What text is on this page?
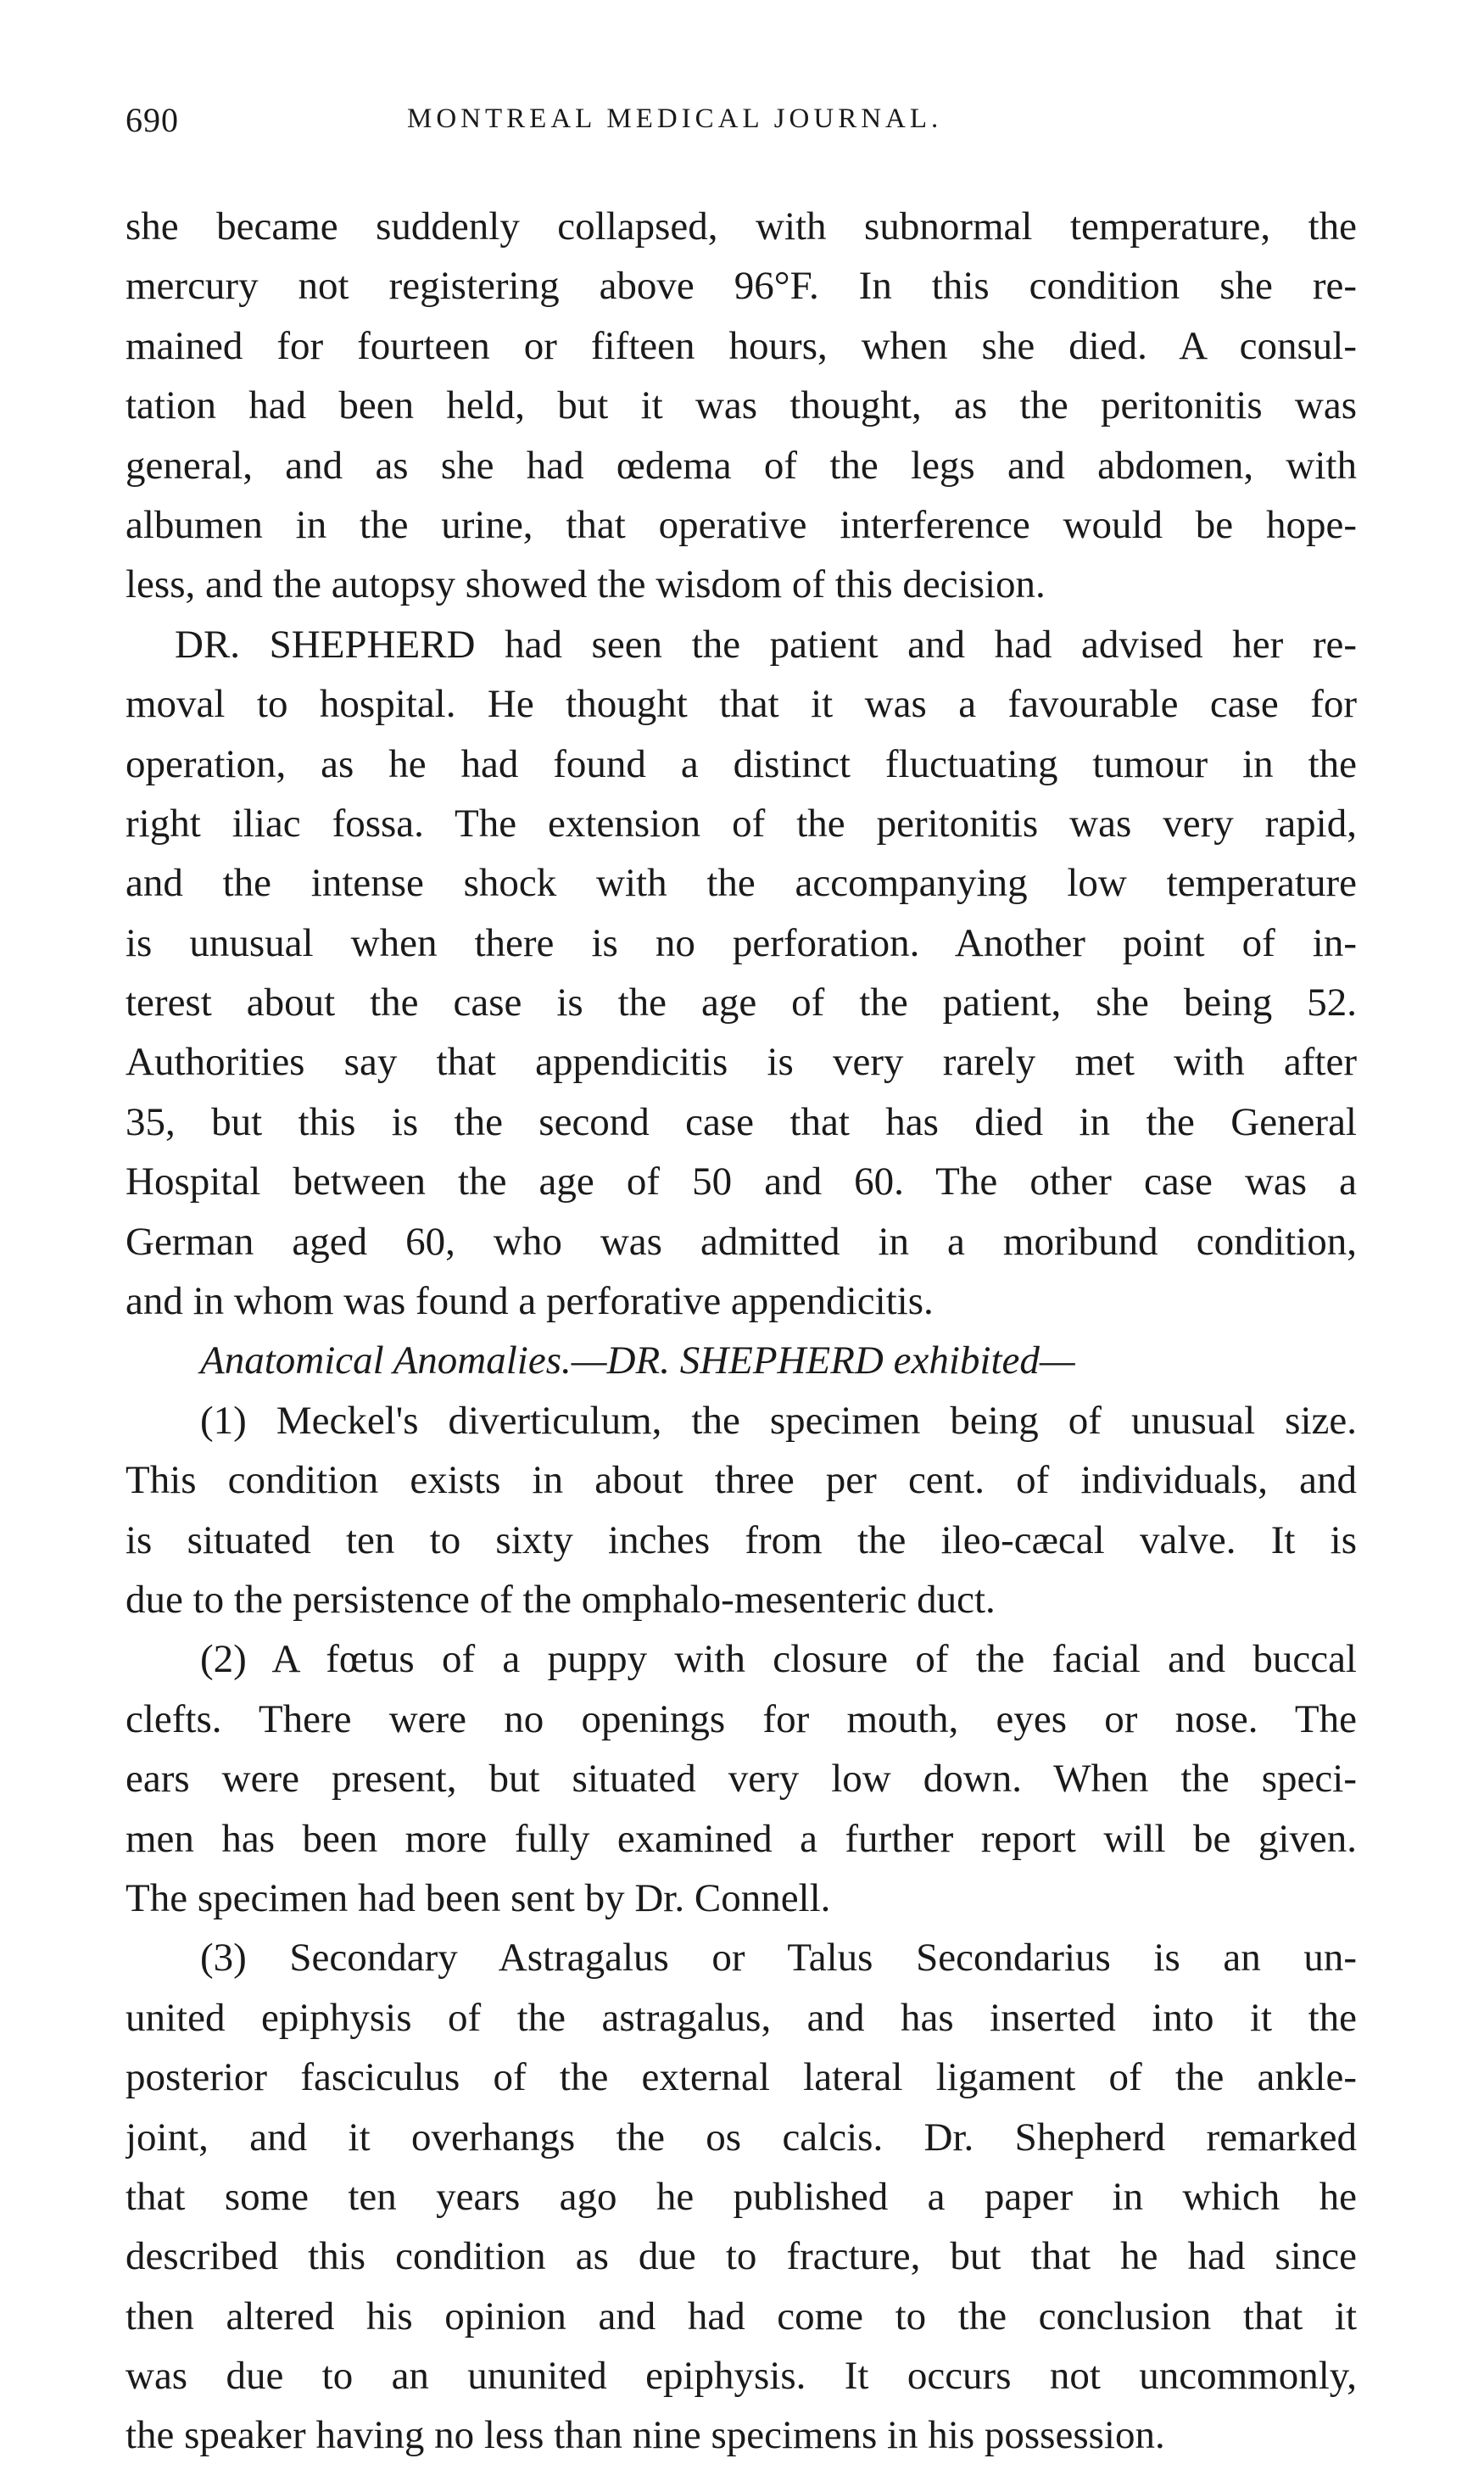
690	MONTREAL MEDICAL JOURNAL.
she became suddenly collapsed, with subnormal temperature, the
mercury not registering above 96°F. In this condition she re-
mained for fourteen or fifteen hours, when she died. A consul-
tation had been held, but it was thought, as the peritonitis was
general, and as she had œdema of the legs and abdomen, with
albumen in the urine, that operative interference would be hope-
less, and the autopsy showed the wisdom of this decision.
DR. SHEPHERD had seen the patient and had advised her re-
moval to hospital. He thought that it was a favourable case for
operation, as he had found a distinct fluctuating tumour in the
right iliac fossa. The extension of the peritonitis was very rapid,
and the intense shock with the accompanying low temperature
is unusual when there is no perforation. Another point of in-
terest about the case is the age of the patient, she being 52.
Authorities say that appendicitis is very rarely met with after
35, but this is the second case that has died in the General
Hospital between the age of 50 and 60. The other case was a
German aged 60, who was admitted in a moribund condition,
and in whom was found a perforative appendicitis.
Anatomical Anomalies.—DR. SHEPHERD exhibited—
(1) Meckel's diverticulum, the specimen being of unusual size.
This condition exists in about three per cent. of individuals, and
is situated ten to sixty inches from the ileo-cæcal valve. It is
due to the persistence of the omphalo-mesenteric duct.
(2) A fœtus of a puppy with closure of the facial and buccal
clefts. There were no openings for mouth, eyes or nose. The
ears were present, but situated very low down. When the speci-
men has been more fully examined a further report will be given.
The specimen had been sent by Dr. Connell.
(3) Secondary Astragalus or Talus Secondarius is an un-
united epiphysis of the astragalus, and has inserted into it the
posterior fasciculus of the external lateral ligament of the ankle-
joint, and it overhangs the os calcis. Dr. Shepherd remarked
that some ten years ago he published a paper in which he
described this condition as due to fracture, but that he had since
then altered his opinion and had come to the conclusion that it
was due to an ununited epiphysis. It occurs not uncommonly,
the speaker having no less than nine specimens in his possession.
